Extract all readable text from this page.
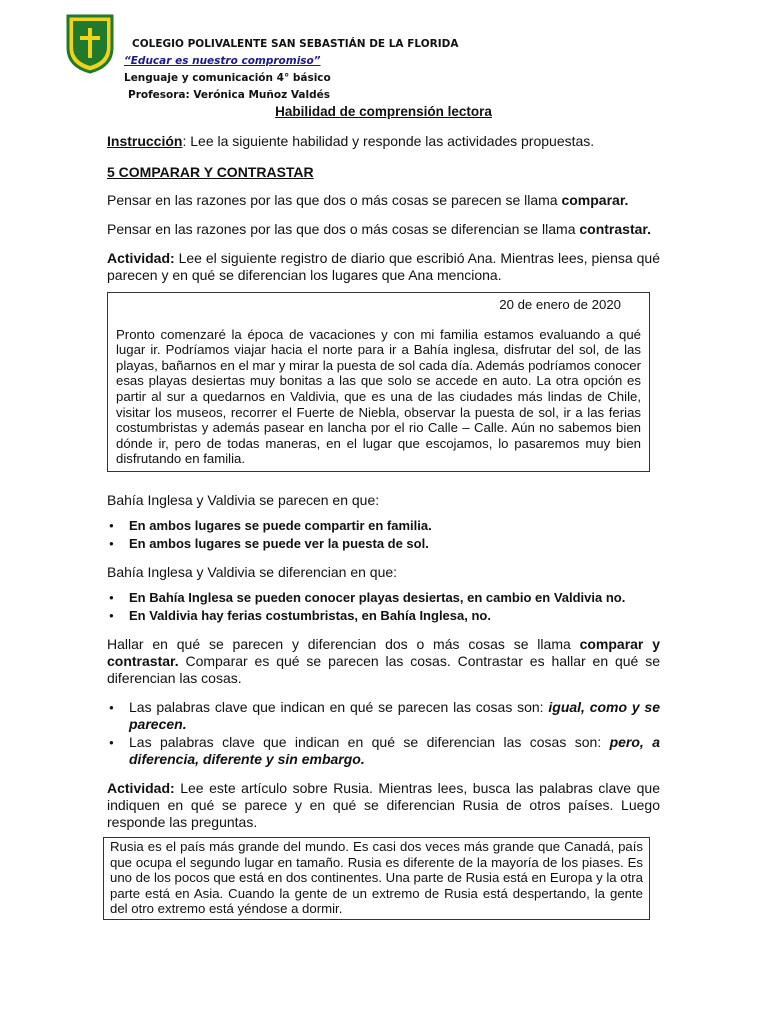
COLEGIO POLIVALENTE SAN SEBASTIÁN DE LA FLORIDA
“Educar es nuestro compromiso”
Lenguaje y comunicación 4° básico
Profesora: Verónica Muñoz Valdés
Habilidad de comprensión lectora

Instrucción: Lee la siguiente habilidad y responde las actividades propuestas.

5 COMPARAR Y CONTRASTAR

Pensar en las razones por las que dos o más cosas se parecen se llama comparar.

Pensar en las razones por las que dos o más cosas se diferencian se llama contrastar.

Actividad: Lee el siguiente registro de diario que escribió Ana. Mientras lees, piensa qué parecen y en qué se diferencian los lugares que Ana menciona.

20 de enero de 2020
Pronto comenzaré la época de vacaciones y con mi familia estamos evaluando a qué lugar ir. Podríamos viajar hacia el norte para ir a Bahía inglesa, disfrutar del sol, de las playas, bañarnos en el mar y mirar la puesta de sol cada día. Además podríamos conocer esas playas desiertas muy bonitas a las que solo se accede en auto. La otra opción es partir al sur a quedarnos en Valdivia, que es una de las ciudades más lindas de Chile, visitar los museos, recorrer el Fuerte de Niebla, observar la puesta de sol, ir a las ferias costumbristas y además pasear en lancha por el rio Calle – Calle. Aún no sabemos bien dónde ir, pero de todas maneras, en el lugar que escojamos, lo pasaremos muy bien disfrutando en familia.

Bahía Inglesa y Valdivia se parecen en que:

● En ambos lugares se puede compartir en familia.
● En ambos lugares se puede ver la puesta de sol.

Bahía Inglesa y Valdivia se diferencian en que:

● En Bahía Inglesa se pueden conocer playas desiertas, en cambio en Valdivia no.
● En Valdivia hay ferias costumbristas, en Bahía Inglesa, no.

Hallar en qué se parecen y diferencian dos o más cosas se llama comparar y contrastar. Comparar es qué se parecen las cosas. Contrastar es hallar en qué se diferencian las cosas.

● Las palabras clave que indican en qué se parecen las cosas son: igual, como y se parecen.
● Las palabras clave que indican en qué se diferencian las cosas son: pero, a diferencia, diferente y sin embargo.

Actividad: Lee este artículo sobre Rusia. Mientras lees, busca las palabras clave que indiquen en qué se parece y en qué se diferencian Rusia de otros países. Luego responde las preguntas.

Rusia es el país más grande del mundo. Es casi dos veces más grande que Canadá, país que ocupa el segundo lugar en tamaño. Rusia es diferente de la mayoría de los piases. Es uno de los pocos que está en dos continentes. Una parte de Rusia está en Europa y la otra parte está en Asia. Cuando la gente de un extremo de Rusia está despertando, la gente del otro extremo está yéndose a dormir.
